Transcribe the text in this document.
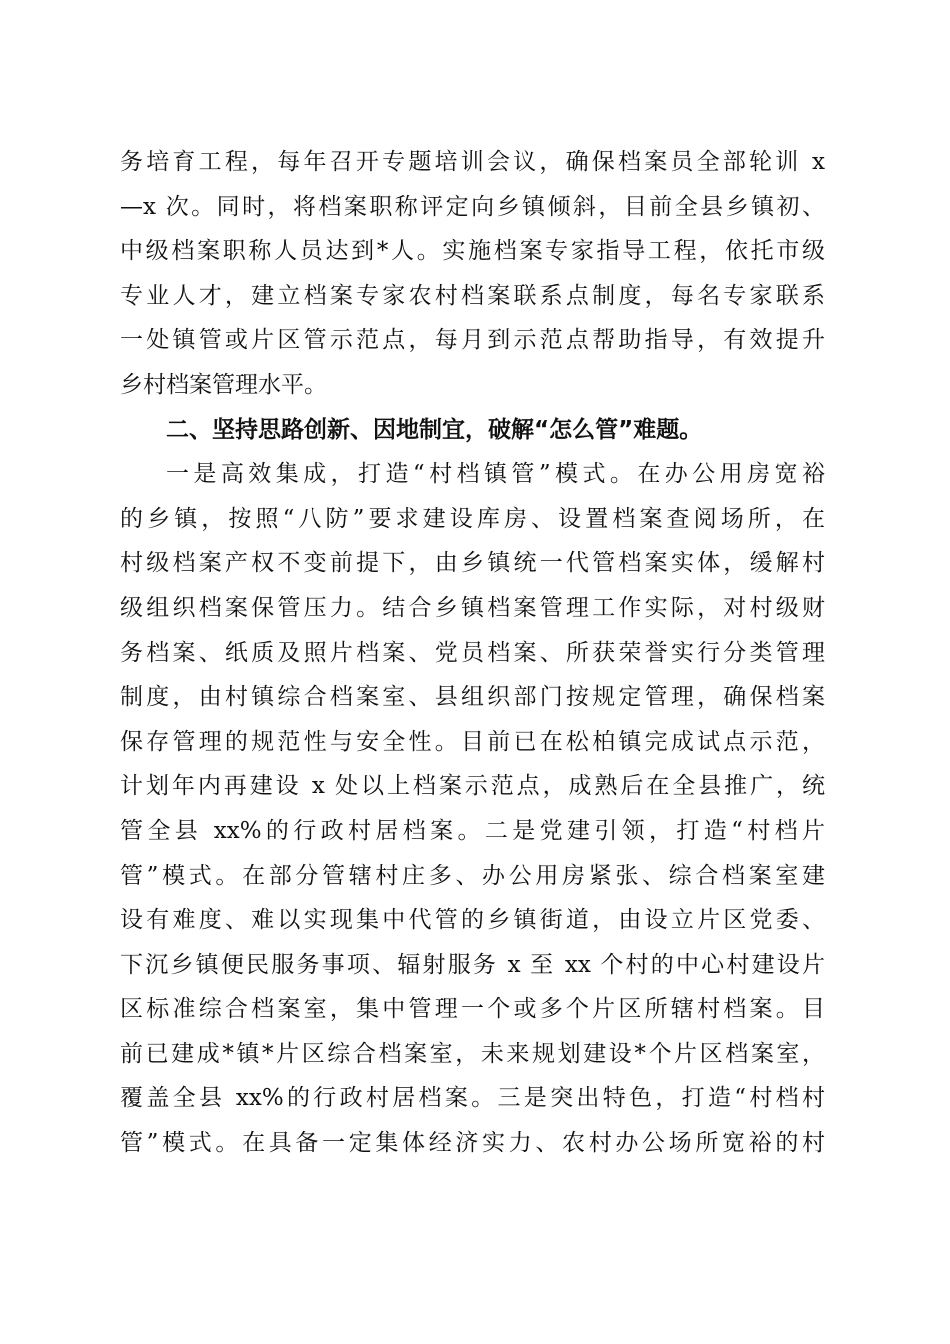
务培育工程，每年召开专题培训会议，确保档案员全部轮训 x
—x 次。同时，将档案职称评定向乡镇倾斜，目前全县乡镇初、
中级档案职称人员达到*人。实施档案专家指导工程，依托市级
专业人才，建立档案专家农村档案联系点制度，每名专家联系
一处镇管或片区管示范点，每月到示范点帮助指导，有效提升
乡村档案管理水平。
二、坚持思路创新、因地制宜，破解“怎么管”难题。
一是高效集成，打造“村档镇管”模式。在办公用房宽裕
的乡镇，按照“八防”要求建设库房、设置档案查阅场所，在
村级档案产权不变前提下，由乡镇统一代管档案实体，缓解村
级组织档案保管压力。结合乡镇档案管理工作实际，对村级财
务档案、纸质及照片档案、党员档案、所获荣誉实行分类管理
制度，由村镇综合档案室、县组织部门按规定管理，确保档案
保存管理的规范性与安全性。目前已在松柏镇完成试点示范，
计划年内再建设 x 处以上档案示范点，成熟后在全县推广，统
管全县 xx%的行政村居档案。二是党建引领，打造“村档片
管”模式。在部分管辖村庄多、办公用房紧张、综合档案室建
设有难度、难以实现集中代管的乡镇街道，由设立片区党委、
下沉乡镇便民服务事项、辐射服务 x 至 xx 个村的中心村建设片
区标准综合档案室，集中管理一个或多个片区所辖村档案。目
前已建成*镇*片区综合档案室，未来规划建设*个片区档案室，
覆盖全县 xx%的行政村居档案。三是突出特色，打造“村档村
管”模式。在具备一定集体经济实力、农村办公场所宽裕的村
